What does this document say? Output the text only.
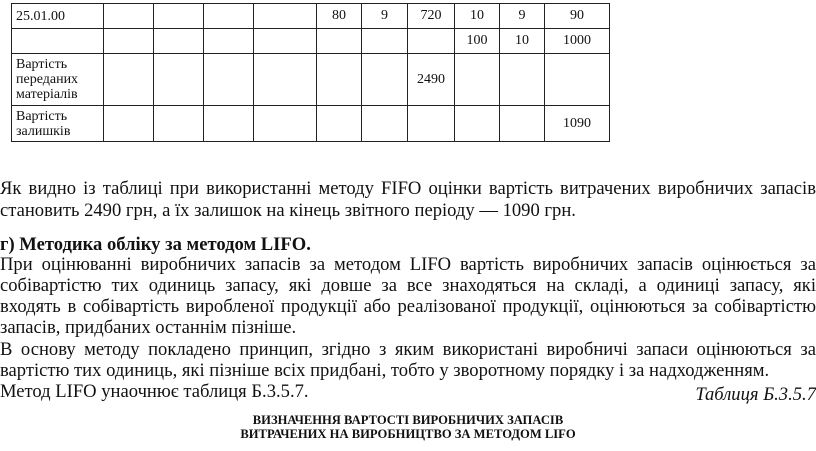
25.01.00					80	9	720	10	9	90
								100	10	1000
Вартість переданих матеріалів							2490			
Вартість залишків										1090
Як видно із таблиці при використанні методу FIFO оцінки вартість витрачених виробничих запасів
становить 2490 грн, а їх залишок на кінець звітного періоду — 1090 грн.
г) Методика обліку за методом LIFO.
При оцінюванні виробничих запасів за методом LIFO вартість виробничих запасів оцінюється за
собівартістю тих одиниць запасу, які довше за все знаходяться на складі, а одиниці запасу, які
входять в собівартість виробленої продукції або реалізованої продукції, оцінюються за собівартістю
запасів, придбаних останнім пізніше.
В основу методу покладено принцип, згідно з яким використані виробничі запаси оцінюються за
вартістю тих одиниць, які пізніше всіх придбані, тобто у зворотному порядку і за надходженням.
Метод LIFO унаочнює таблиця Б.3.5.7.	Таблиця Б.3.5.7
ВИЗНАЧЕННЯ ВАРТОСТІ ВИРОБНИЧИХ ЗАПАСІВ
ВИТРАЧЕНИХ НА ВИРОБНИЦТВО ЗА МЕТОДОМ LIFO
